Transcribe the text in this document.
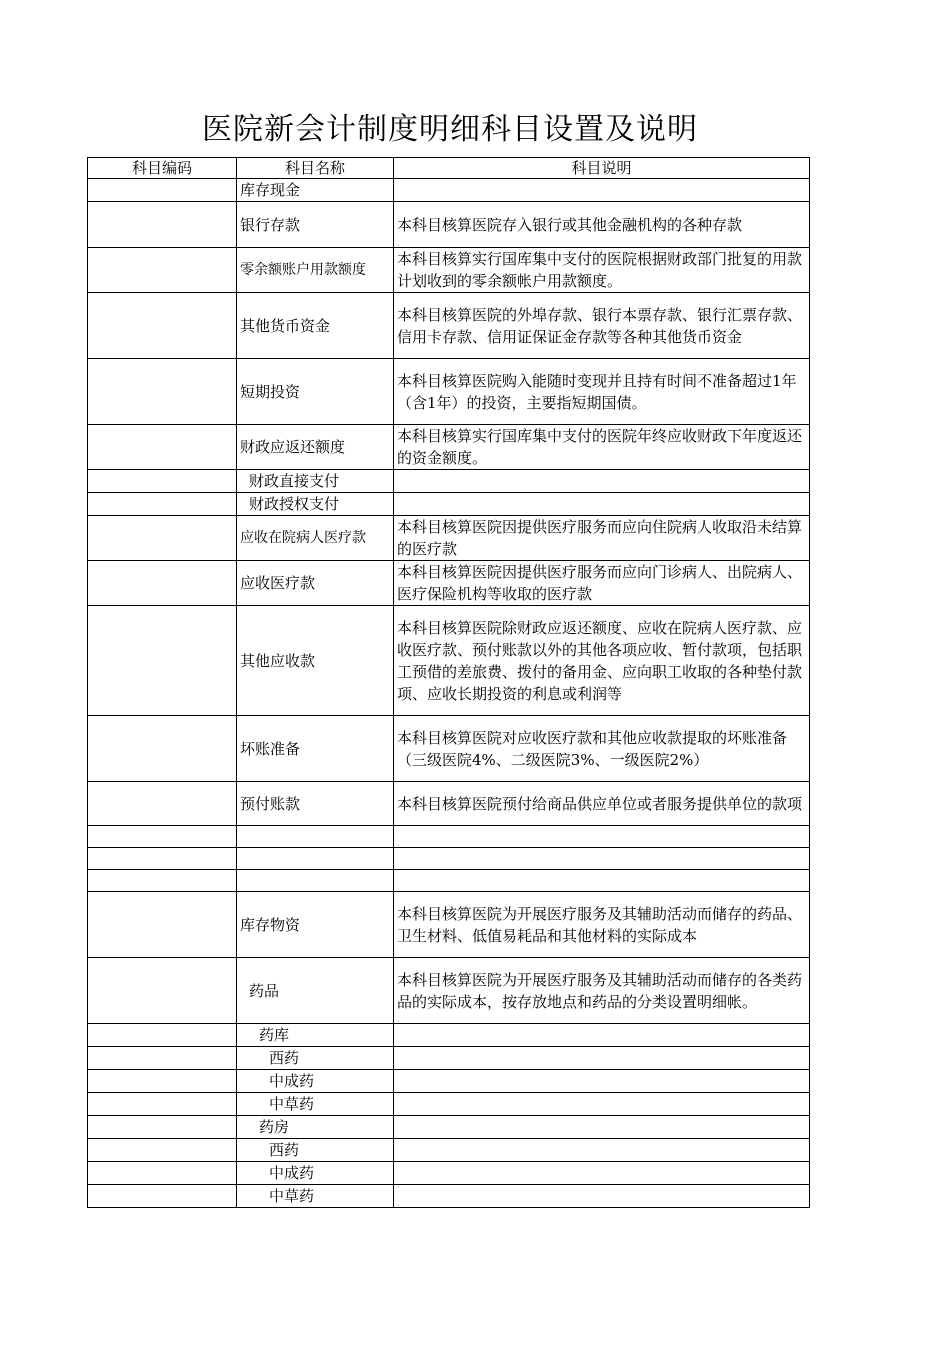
医院新会计制度明细科目设置及说明
科目编码	科目名称	科目说明
	库存现金	
	银行存款	本科目核算医院存入银行或其他金融机构的各种存款
	零余额账户用款额度	本科目核算实行国库集中支付的医院根据财政部门批复的用款计划收到的零余额帐户用款额度。
	其他货币资金	本科目核算医院的外埠存款、银行本票存款、银行汇票存款、信用卡存款、信用证保证金存款等各种其他货币资金
	短期投资	本科目核算医院购入能随时变现并且持有时间不准备超过1年（含1年）的投资，主要指短期国债。
	财政应返还额度	本科目核算实行国库集中支付的医院年终应收财政下年度返还的资金额度。
	财政直接支付	
	财政授权支付	
	应收在院病人医疗款	本科目核算医院因提供医疗服务而应向住院病人收取沿未结算的医疗款
	应收医疗款	本科目核算医院因提供医疗服务而应向门诊病人、出院病人、医疗保险机构等收取的医疗款
	其他应收款	本科目核算医院除财政应返还额度、应收在院病人医疗款、应收医疗款、预付账款以外的其他各项应收、暂付款项，包括职工预借的差旅费、拨付的备用金、应向职工收取的各种垫付款项、应收长期投资的利息或利润等
	坏账准备	本科目核算医院对应收医疗款和其他应收款提取的坏账准备（三级医院4%、二级医院3%、一级医院2%）
	预付账款	本科目核算医院预付给商品供应单位或者服务提供单位的款项

	库存物资	本科目核算医院为开展医疗服务及其辅助活动而储存的药品、卫生材料、低值易耗品和其他材料的实际成本
	药品	本科目核算医院为开展医疗服务及其辅助活动而储存的各类药品的实际成本，按存放地点和药品的分类设置明细帐。
	药库	
	西药	
	中成药	
	中草药	
	药房	
	西药	
	中成药	
	中草药	
